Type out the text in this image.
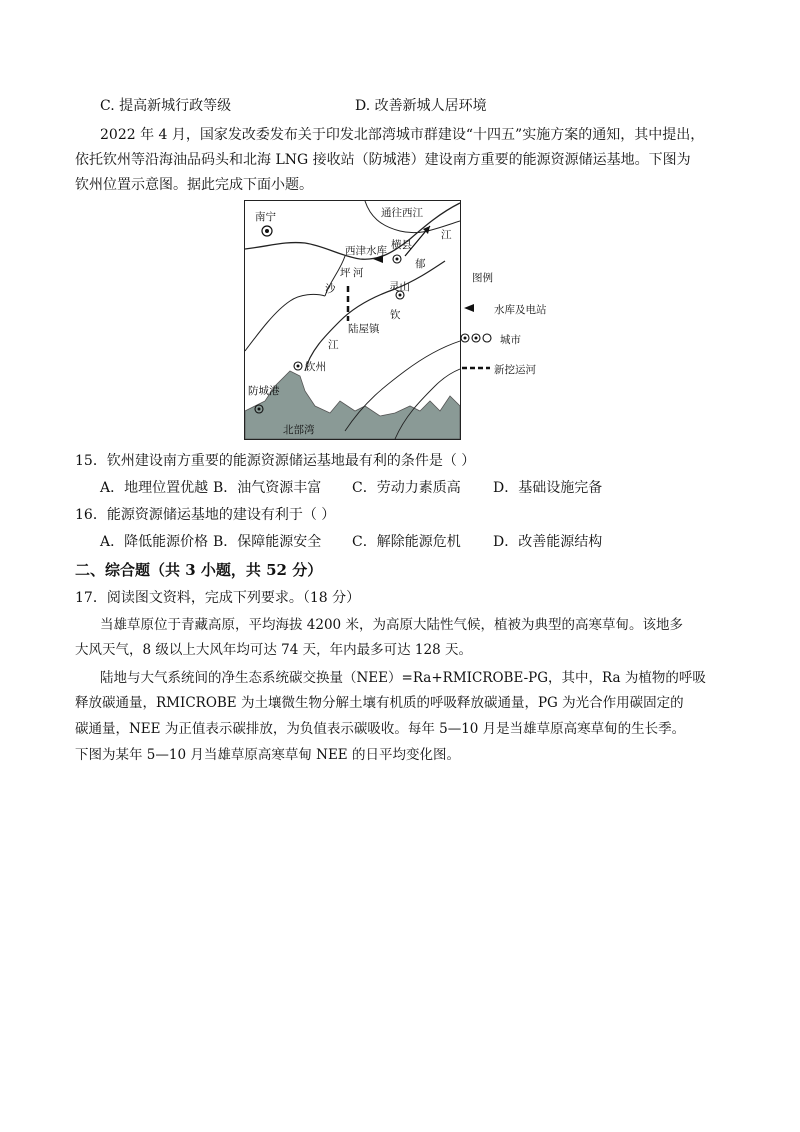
C. 提高新城行政等级	D. 改善新城人居环境
2022 年 4 月，国家发改委发布关于印发北部湾城市群建设“十四五”实施方案的通知，其中提出，
依托钦州等沿海油品码头和北海 LNG 接收站（防城港）建设南方重要的能源资源储运基地。下图为
钦州位置示意图。据此完成下面小题。
南宁	通往西江
江
西津水库 横县
郁
坪 河
沙	灵山
钦
陆屋镇
江
钦州
防城港
北部湾
图例
水库及电站
城市
新挖运河
15．钦州建设南方重要的能源资源储运基地最有利的条件是（ ）
A．地理位置优越 B．油气资源丰富 C．劳动力素质高 D．基础设施完备
16．能源资源储运基地的建设有利于（ ）
A．降低能源价格 B．保障能源安全 C．解除能源危机 D．改善能源结构
二、综合题（共 3 小题，共 52 分）
17．阅读图文资料，完成下列要求。（18 分）
当雄草原位于青藏高原，平均海拔 4200 米，为高原大陆性气候，植被为典型的高寒草甸。该地多
大风天气，8 级以上大风年均可达 74 天，年内最多可达 128 天。
陆地与大气系统间的净生态系统碳交换量（NEE）=Ra+RMICROBE-PG，其中，Ra 为植物的呼吸
释放碳通量，RMICROBE 为土壤微生物分解土壤有机质的呼吸释放碳通量，PG 为光合作用碳固定的
碳通量，NEE 为正值表示碳排放，为负值表示碳吸收。每年 5—10 月是当雄草原高寒草甸的生长季。
下图为某年 5—10 月当雄草原高寒草甸 NEE 的日平均变化图。
